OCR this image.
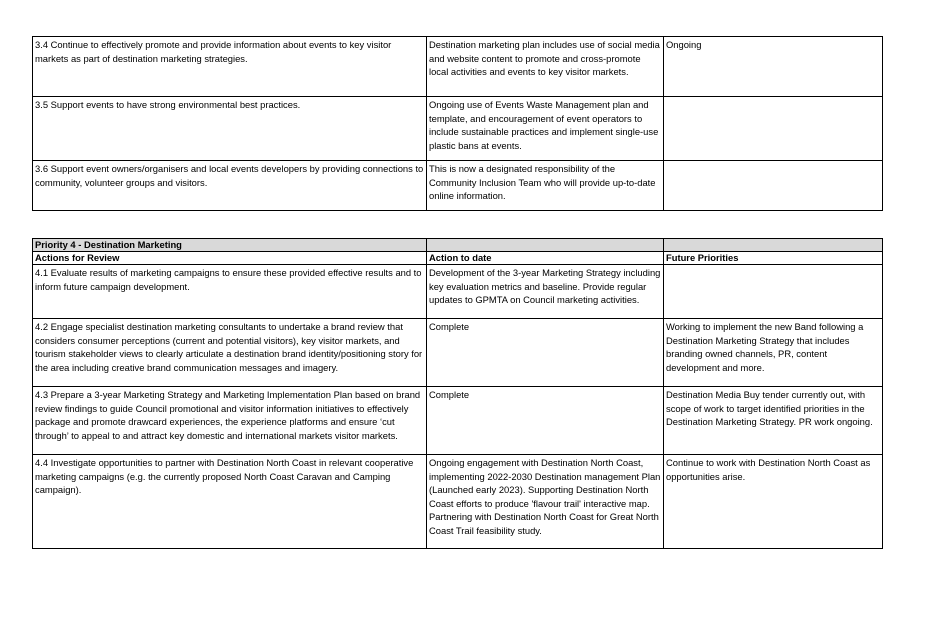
3.4 Continue to effectively promote and provide information about events to key visitor markets as part of destination marketing strategies.	Destination marketing plan includes use of social media and website content to promote and cross-promote local activities and events to key visitor markets.	Ongoing
3.5 Support events to have strong environmental best practices.	Ongoing use of Events Waste Management plan and template, and encouragement of event operators to include sustainable practices and implement single-use plastic bans at events.	
3.6 Support event owners/organisers and local events developers by providing connections to community, volunteer groups and visitors.	This is now a designated responsibility of the Community Inclusion Team who will provide up-to-date online information.	
Priority 4 - Destination Marketing		
Actions for Review	Action to date	Future Priorities
4.1 Evaluate results of marketing campaigns to ensure these provided effective results and to inform future campaign development.	Development of the 3-year Marketing Strategy including key evaluation metrics and baseline. Provide regular updates to GPMTA on Council marketing activities.	
4.2 Engage specialist destination marketing consultants to undertake a brand review that considers consumer perceptions (current and potential visitors), key visitor markets, and tourism stakeholder views to clearly articulate a destination brand identity/positioning story for the area including creative brand communication messages and imagery.	Complete	Working to implement the new Band following a Destination Marketing Strategy that includes branding owned channels, PR, content development and more.
4.3 Prepare a 3-year Marketing Strategy and Marketing Implementation Plan based on brand review findings to guide Council promotional and visitor information initiatives to effectively package and promote drawcard experiences, the experience platforms and ensure ‘cut through’ to appeal to and attract key domestic and international markets visitor markets.	Complete	Destination Media Buy tender currently out, with scope of work to target identified priorities in the Destination Marketing Strategy. PR work ongoing.
4.4 Investigate opportunities to partner with Destination North Coast in relevant cooperative marketing campaigns (e.g. the currently proposed North Coast Caravan and Camping campaign).	Ongoing engagement with Destination North Coast, implementing 2022-2030 Destination management Plan (Launched early 2023). Supporting Destination North Coast efforts to produce 'flavour trail' interactive map. Partnering with Destination North Coast for Great North Coast Trail feasibility study.	Continue to work with Destination North Coast as opportunities arise.
